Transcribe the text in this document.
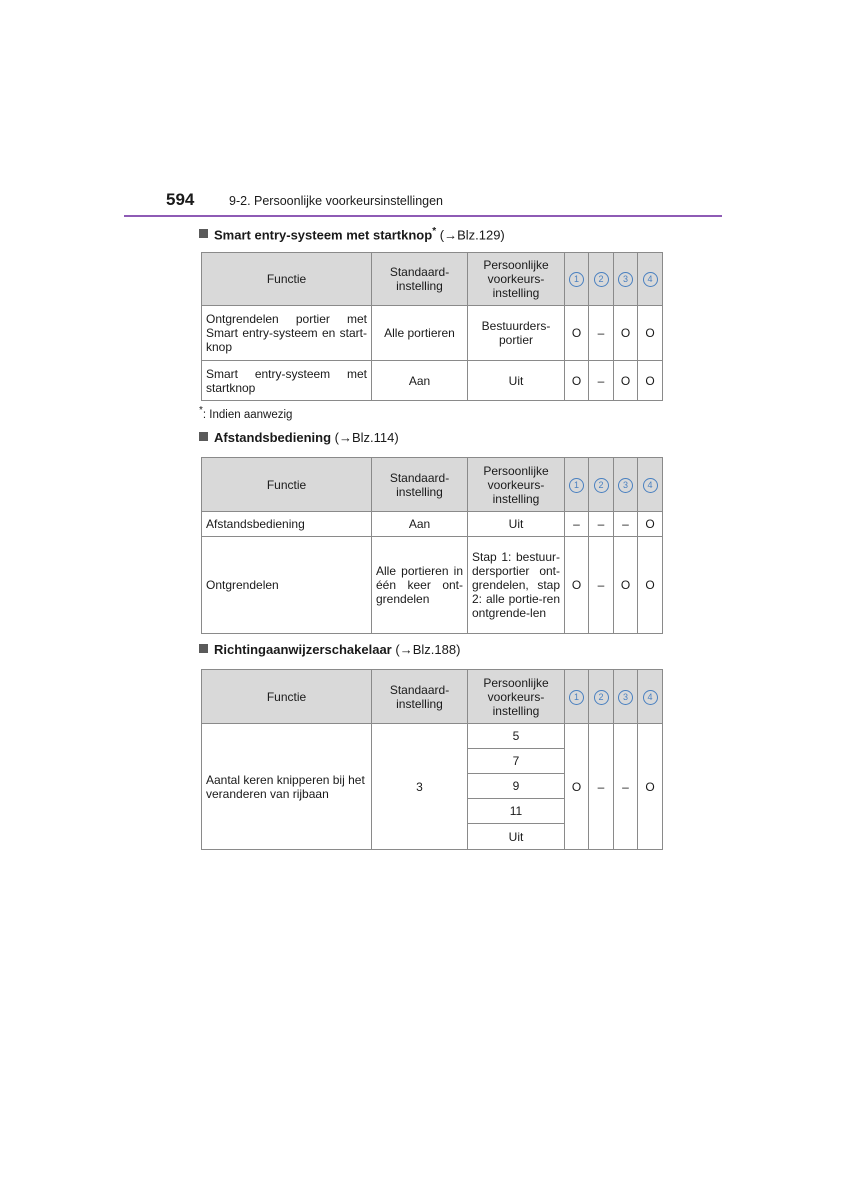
594	9-2. Persoonlijke voorkeursinstellingen
Smart entry-systeem met startknop* (→Blz.129)
Functie	Standaard-instelling	Persoonlijke voorkeurs-instelling	1	2	3	4
Ontgrendelen portier met Smart entry-systeem en start-knop	Alle portieren	Bestuurders-portier	O	–	O	O
Smart entry-systeem met startknop	Aan	Uit	O	–	O	O
*: Indien aanwezig
Afstandsbediening (→Blz.114)
Functie	Standaard-instelling	Persoonlijke voorkeurs-instelling	1	2	3	4
Afstandsbediening	Aan	Uit	–	–	–	O
Ontgrendelen	Alle portieren in één keer ont-grendelen	Stap 1: bestuur-dersportier ont-grendelen, stap 2: alle portie-ren ontgrende-len	O	–	O	O
Richtingaanwijzerschakelaar (→Blz.188)
Functie	Standaard-instelling	Persoonlijke voorkeurs-instelling	1	2	3	4
Aantal keren knipperen bij het veranderen van rijbaan	3	5	O	–	–	O
		7				
		9				
		11				
		Uit				
